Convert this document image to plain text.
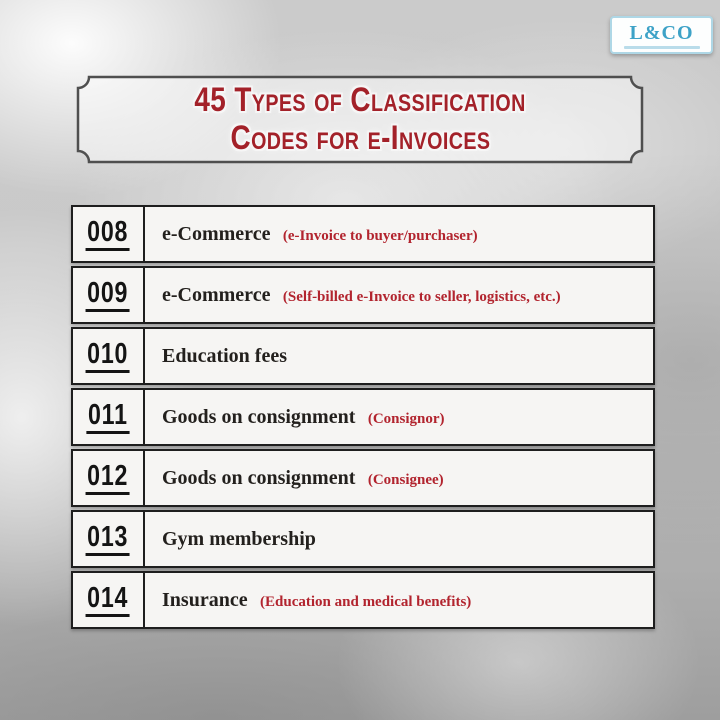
L&CO
45 Types of Classification
Codes for e-Invoices
008 e-Commerce (e-Invoice to buyer/purchaser)
009 e-Commerce (Self-billed e-Invoice to seller, logistics, etc.)
010 Education fees
011 Goods on consignment (Consignor)
012 Goods on consignment (Consignee)
013 Gym membership
014 Insurance (Education and medical benefits)
